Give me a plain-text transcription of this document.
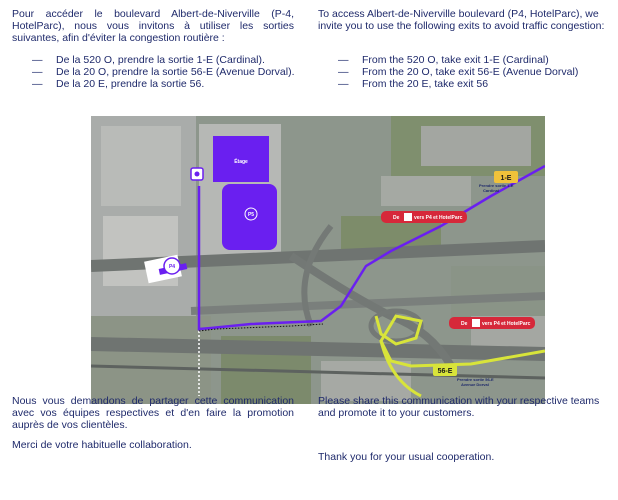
Pour accéder le boulevard Albert-de-Niverville (P-4, HotelParc), nous vous invitons à utiliser les sorties suivantes, afin d'éviter la congestion routière :

— De la 520 O, prendre la sortie 1-E (Cardinal).
— De la 20 O, prendre la sortie 56-E (Avenue Dorval).
— De la 20 E, prendre la sortie 56.

To access Albert-de-Niverville boulevard (P4, HotelParc), we invite you to use the following exits to avoid traffic congestion:

— From the 520 O, take exit 1-E (Cardinal)
— From the 20 O, take exit 56-E (Avenue Dorval)
— From the 20 E, take exit 56
Étage
P5
P4
1-E
Prendre sortie 1-E
Cardinal
56-E
Prendre sortie 56-E
Avenue Dorval
De	vers P4 et HotelParc
De	vers P4 et HotelParc

Nous vous demandons de partager cette communication avec vos équipes respectives et d'en faire la promotion auprès de vos clientèles.

Merci de votre habituelle collaboration.

Please share this communication with your respective teams and promote it to your customers.

Thank you for your usual cooperation.
